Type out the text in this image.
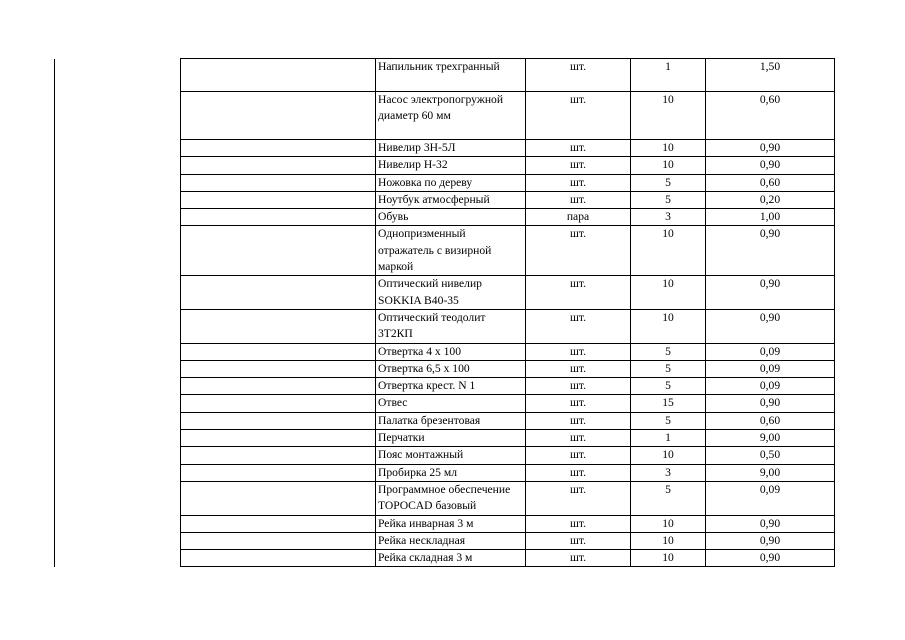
	Напильник трехгранный	шт.	1	1,50
	Насос электропогружной диаметр 60 мм	шт.	10	0,60
	Нивелир 3Н-5Л	шт.	10	0,90
	Нивелир Н-32	шт.	10	0,90
	Ножовка по дереву	шт.	5	0,60
	Ноутбук атмосферный	шт.	5	0,20
	Обувь	пара	3	1,00
	Однопризменный отражатель с визирной маркой	шт.	10	0,90
	Оптический нивелир SOKKIA B40-35	шт.	10	0,90
	Оптический теодолит 3Т2КП	шт.	10	0,90
	Отвертка 4 х 100	шт.	5	0,09
	Отвертка 6,5 х 100	шт.	5	0,09
	Отвертка крест. N 1	шт.	5	0,09
	Отвес	шт.	15	0,90
	Палатка брезентовая	шт.	5	0,60
	Перчатки	шт.	1	9,00
	Пояс монтажный	шт.	10	0,50
	Пробирка 25 мл	шт.	3	9,00
	Программное обеспечение TOPOCAD базовый	шт.	5	0,09
	Рейка инварная 3 м	шт.	10	0,90
	Рейка нескладная	шт.	10	0,90
	Рейка складная 3 м	шт.	10	0,90
